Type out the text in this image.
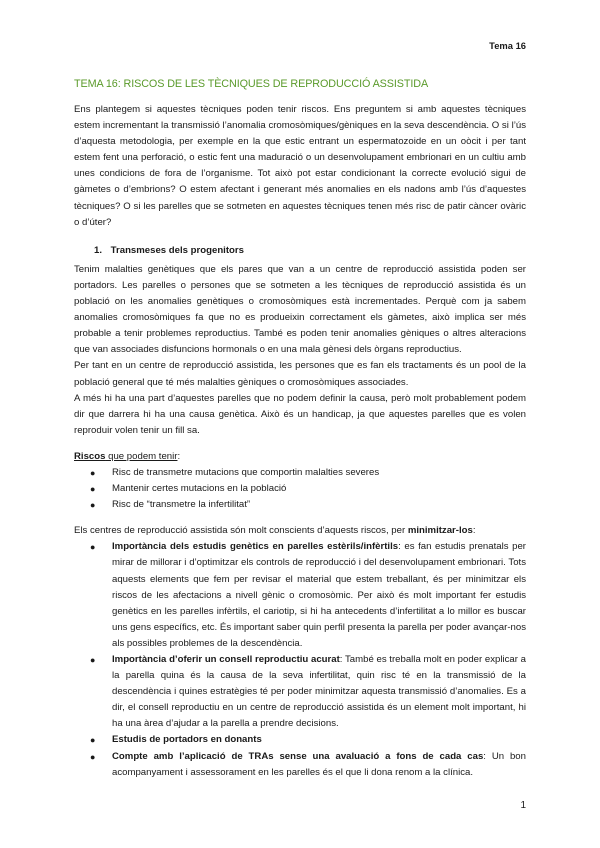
Tema 16
TEMA 16: RISCOS DE LES TÈCNIQUES DE REPRODUCCIÓ ASSISTIDA

Ens plantegem si aquestes tècniques poden tenir riscos. Ens preguntem si amb aquestes tècniques estem incrementant la transmissió l’anomalia cromosòmiques/gèniques en la seva descendència. O si l’ús d’aquesta metodologia, per exemple en la que estic entrant un espermatozoide en un oòcit i per tant estem fent una perforació, o estic fent una maduració o un desenvolupament embrionari en un cultiu amb unes condicions de fora de l’organisme. Tot això pot estar condicionant la correcte evolució sigui de gàmetes o d’embrions? O estem afectant i generant més anomalies en els nadons amb l’ús d’aquestes tècniques? O si les parelles que se sotmeten en aquestes tècniques tenen més risc de patir càncer ovàric o d’úter?

1. Transmeses dels progenitors

Tenim malalties genètiques que els pares que van a un centre de reproducció assistida poden ser portadors. Les parelles o persones que se sotmeten a les tècniques de reproducció assistida és un població on les anomalies genètiques o cromosòmiques està incrementades. Perquè com ja sabem anomalies cromosòmiques fa que no es produeixin correctament els gàmetes, això implica ser més probable a tenir problemes reproductius. També es poden tenir anomalies gèniques o altres alteracions que van associades disfuncions hormonals o en una mala gènesi dels òrgans reproductius.

Per tant en un centre de reproducció assistida, les persones que es fan els tractaments és un pool de la població general que té més malalties gèniques o cromosòmiques associades.

A més hi ha una part d’aquestes parelles que no podem definir la causa, però molt probablement podem dir que darrera hi ha una causa genètica. Això és un handicap, ja que aquestes parelles que es volen reproduir volen tenir un fill sa.

Riscos que podem tenir:

● Risc de transmetre mutacions que comportin malalties severes
● Mantenir certes mutacions en la població
● Risc de “transmetre la infertilitat”

Els centres de reproducció assistida són molt conscients d’aquests riscos, per minimitzar-los:

● Importància dels estudis genètics en parelles estèrils/infèrtils: es fan estudis prenatals per mirar de millorar i d’optimitzar els controls de reproducció i del desenvolupament embrionari. Tots aquests elements que fem per revisar el material que estem treballant, és per minimitzar els riscos de les afectacions a nivell gènic o cromosòmic. Per això és molt important fer estudis genètics en les parelles infèrtils, el cariotip, si hi ha antecedents d’infertilitat a lo millor es buscar uns gens específics, etc. És important saber quin perfil presenta la parella per poder avançar-nos als possibles problemes de la descendència.
● Importància d’oferir un consell reproductiu acurat: També es treballa molt en poder explicar a la parella quina és la causa de la seva infertilitat, quin risc té en la transmissió de la descendència i quines estratègies té per poder minimitzar aquesta transmissió d’anomalies. Es a dir, el consell reproductiu en un centre de reproducció assistida és un element molt important, hi ha una àrea d’ajudar a la parella a prendre decisions.
● Estudis de portadors en donants
● Compte amb l’aplicació de TRAs sense una avaluació a fons de cada cas: Un bon acompanyament i assessorament en les parelles és el que li dona renom a la clínica.
1
